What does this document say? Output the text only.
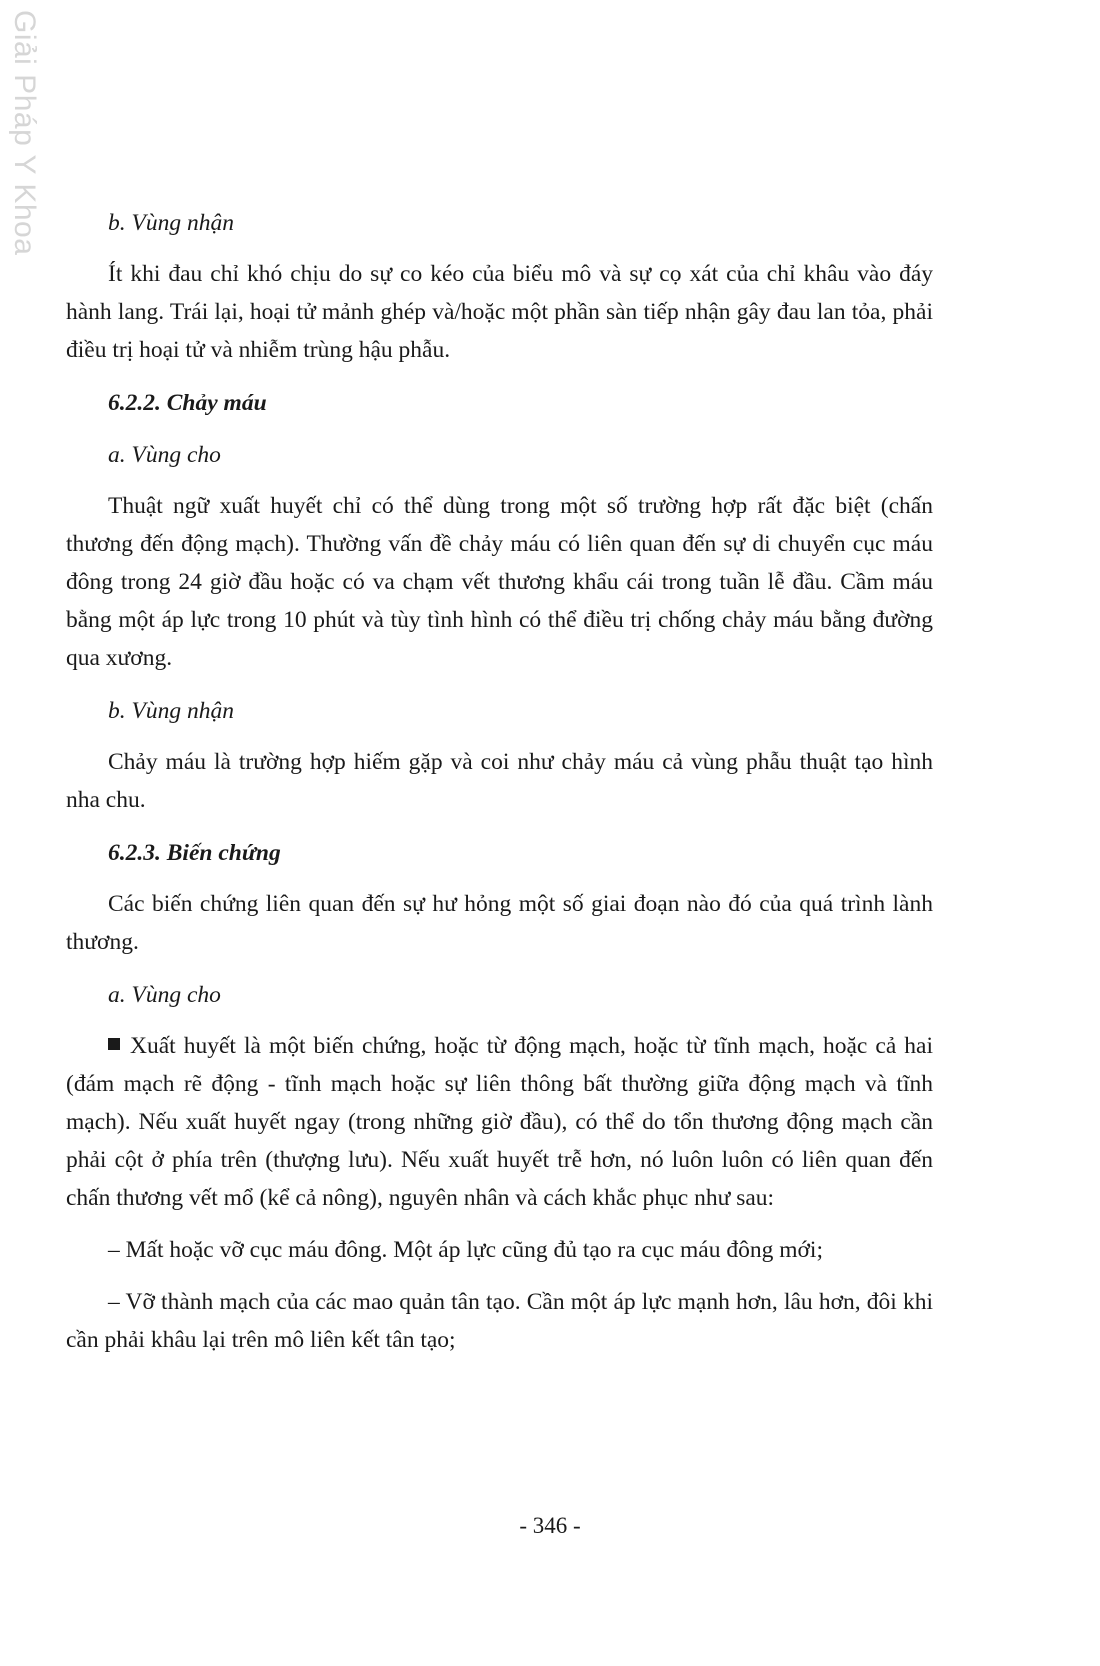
Giải Pháp Y Khoa	b. Vùng nhận

Ít khi đau chỉ khó chịu do sự co kéo của biểu mô và sự cọ xát của chỉ khâu vào đáy hành lang. Trái lại, hoại tử mảnh ghép và/hoặc một phần sàn tiếp nhận gây đau lan tỏa, phải điều trị hoại tử và nhiễm trùng hậu phẫu.

6.2.2. Chảy máu
a. Vùng cho

Thuật ngữ xuất huyết chỉ có thể dùng trong một số trường hợp rất đặc biệt (chấn thương đến động mạch). Thường vấn đề chảy máu có liên quan đến sự di chuyển cục máu đông trong 24 giờ đầu hoặc có va chạm vết thương khẩu cái trong tuần lễ đầu. Cầm máu bằng một áp lực trong 10 phút và tùy tình hình có thể điều trị chống chảy máu bằng đường qua xương.

b. Vùng nhận

Chảy máu là trường hợp hiếm gặp và coi như chảy máu cả vùng phẫu thuật tạo hình nha chu.

6.2.3. Biến chứng

Các biến chứng liên quan đến sự hư hỏng một số giai đoạn nào đó của quá trình lành thương.

a. Vùng cho

Xuất huyết là một biến chứng, hoặc từ động mạch, hoặc từ tĩnh mạch, hoặc cả hai (đám mạch rẽ động - tĩnh mạch hoặc sự liên thông bất thường giữa động mạch và tĩnh mạch). Nếu xuất huyết ngay (trong những giờ đầu), có thể do tổn thương động mạch cần phải cột ở phía trên (thượng lưu). Nếu xuất huyết trễ hơn, nó luôn luôn có liên quan đến chấn thương vết mổ (kể cả nông), nguyên nhân và cách khắc phục như sau:

– Mất hoặc vỡ cục máu đông. Một áp lực cũng đủ tạo ra cục máu đông mới;

– Vỡ thành mạch của các mao quản tân tạo. Cần một áp lực mạnh hơn, lâu hơn, đôi khi cần phải khâu lại trên mô liên kết tân tạo;

- 346 -
